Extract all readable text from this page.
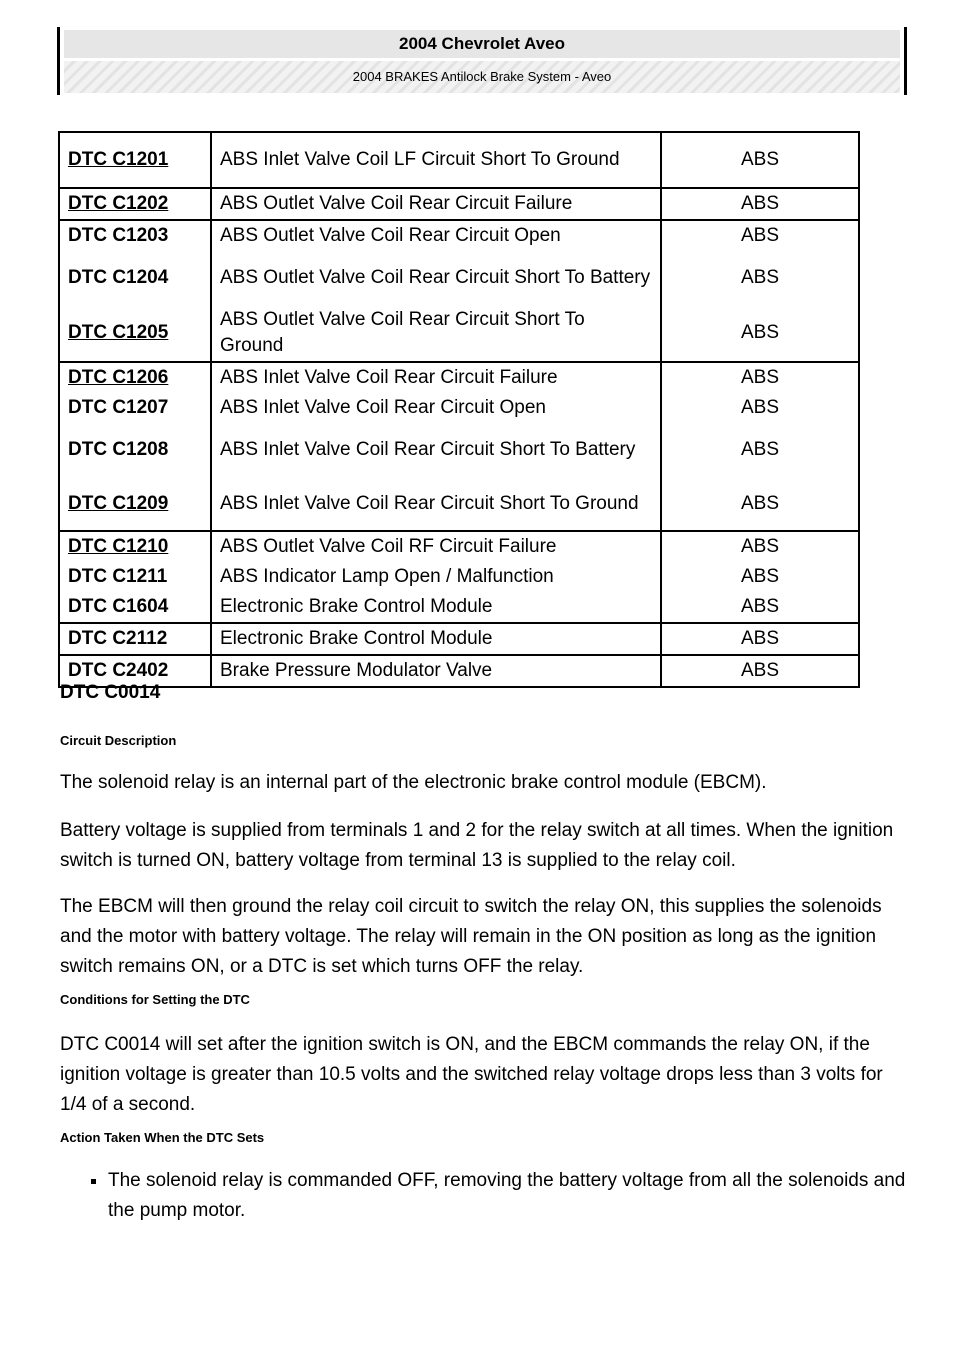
2004 Chevrolet Aveo
2004 BRAKES Antilock Brake System - Aveo
DTC C1201	ABS Inlet Valve Coil LF Circuit Short To Ground	ABS
DTC C1202	ABS Outlet Valve Coil Rear Circuit Failure	ABS
DTC C1203	ABS Outlet Valve Coil Rear Circuit Open	ABS
DTC C1204	ABS Outlet Valve Coil Rear Circuit Short To Battery	ABS
DTC C1205	ABS Outlet Valve Coil Rear Circuit Short To Ground	ABS
DTC C1206	ABS Inlet Valve Coil Rear Circuit Failure	ABS
DTC C1207	ABS Inlet Valve Coil Rear Circuit Open	ABS
DTC C1208	ABS Inlet Valve Coil Rear Circuit Short To Battery	ABS
DTC C1209	ABS Inlet Valve Coil Rear Circuit Short To Ground	ABS
DTC C1210	ABS Outlet Valve Coil RF Circuit Failure	ABS
DTC C1211	ABS Indicator Lamp Open / Malfunction	ABS
DTC C1604	Electronic Brake Control Module	ABS
DTC C2112	Electronic Brake Control Module	ABS
DTC C2402	Brake Pressure Modulator Valve	ABS
DTC C0014
Circuit Description
The solenoid relay is an internal part of the electronic brake control module (EBCM).
Battery voltage is supplied from terminals 1 and 2 for the relay switch at all times. When the ignition switch is turned ON, battery voltage from terminal 13 is supplied to the relay coil.
The EBCM will then ground the relay coil circuit to switch the relay ON, this supplies the solenoids and the motor with battery voltage. The relay will remain in the ON position as long as the ignition switch remains ON, or a DTC is set which turns OFF the relay.
Conditions for Setting the DTC
DTC C0014 will set after the ignition switch is ON, and the EBCM commands the relay ON, if the ignition voltage is greater than 10.5 volts and the switched relay voltage drops less than 3 volts for 1/4 of a second.
Action Taken When the DTC Sets
▪ The solenoid relay is commanded OFF, removing the battery voltage from all the solenoids and the pump motor.
